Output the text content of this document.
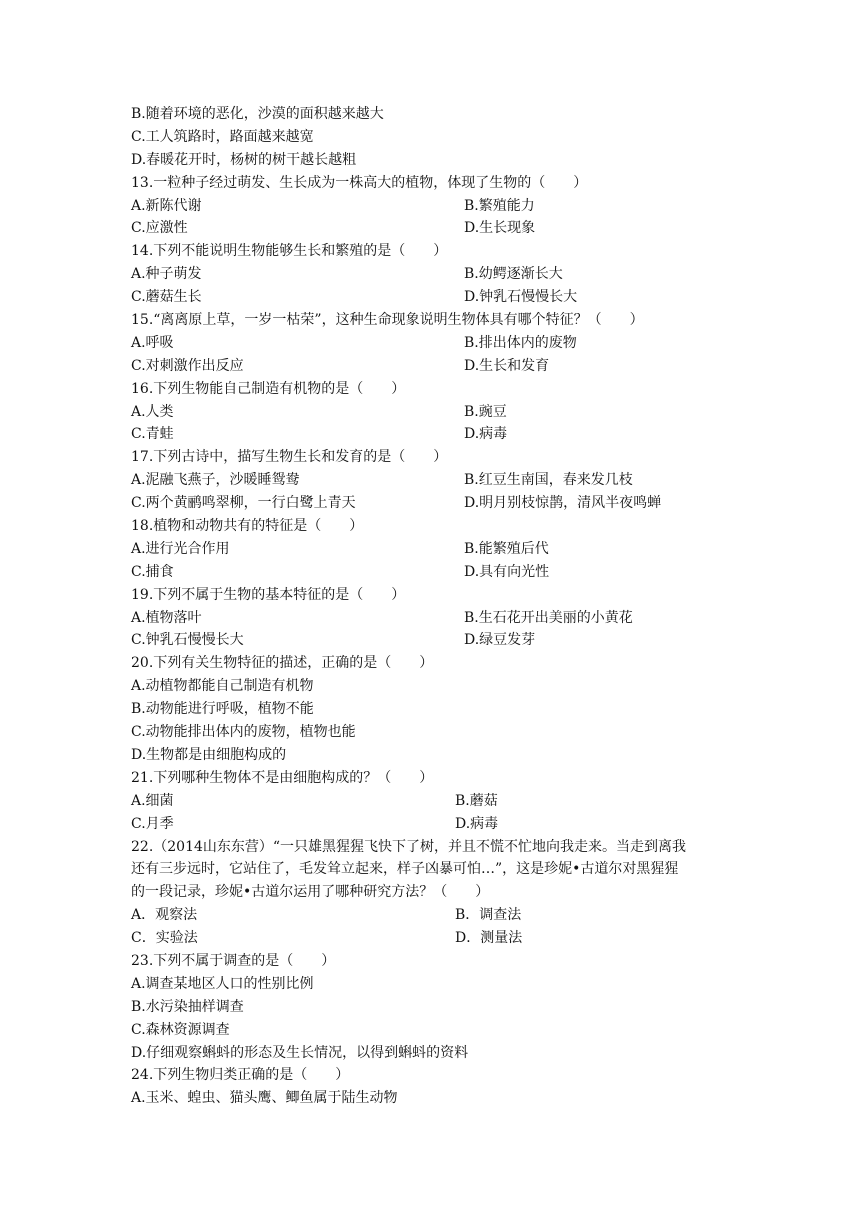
B.随着环境的恶化，沙漠的面积越来越大
C.工人筑路时，路面越来越宽
D.春暖花开时，杨树的树干越长越粗
13.一粒种子经过萌发、生长成为一株高大的植物，体现了生物的（　　）
A.新陈代谢	B.繁殖能力
C.应激性	D.生长现象
14.下列不能说明生物能够生长和繁殖的是（　　）
A.种子萌发	B.幼鳄逐渐长大
C.蘑菇生长	D.钟乳石慢慢长大
15.“离离原上草，一岁一枯荣”，这种生命现象说明生物体具有哪个特征？（　　）
A.呼吸	B.排出体内的废物
C.对刺激作出反应	D.生长和发育
16.下列生物能自己制造有机物的是（　　）
A.人类	B.豌豆
C.青蛙	D.病毒
17.下列古诗中，描写生物生长和发育的是（　　）
A.泥融飞燕子，沙暖睡鸳鸯	B.红豆生南国，春来发几枝
C.两个黄鹂鸣翠柳，一行白鹭上青天	D.明月别枝惊鹊，清风半夜鸣蝉
18.植物和动物共有的特征是（　　）
A.进行光合作用	B.能繁殖后代
C.捕食	D.具有向光性
19.下列不属于生物的基本特征的是（　　）
A.植物落叶	B.生石花开出美丽的小黄花
C.钟乳石慢慢长大	D.绿豆发芽
20.下列有关生物特征的描述，正确的是（　　）
A.动植物都能自己制造有机物
B.动物能进行呼吸，植物不能
C.动物能排出体内的废物，植物也能
D.生物都是由细胞构成的
21.下列哪种生物体不是由细胞构成的？（　　）
A.细菌	B.蘑菇
C.月季	D.病毒
22.（2014山东东营）“一只雄黑猩猩飞快下了树，并且不慌不忙地向我走来。当走到离我
还有三步远时，它站住了，毛发耸立起来，样子凶暴可怕…”，这是珍妮•古道尔对黑猩猩
的一段记录，珍妮•古道尔运用了哪种研究方法？（　　）
A．观察法	B．调查法
C．实验法	D．测量法
23.下列不属于调查的是（　　）
A.调查某地区人口的性别比例
B.水污染抽样调查
C.森林资源调查
D.仔细观察蝌蚪的形态及生长情况，以得到蝌蚪的资料
24.下列生物归类正确的是（　　）
A.玉米、蝗虫、猫头鹰、鲫鱼属于陆生动物
